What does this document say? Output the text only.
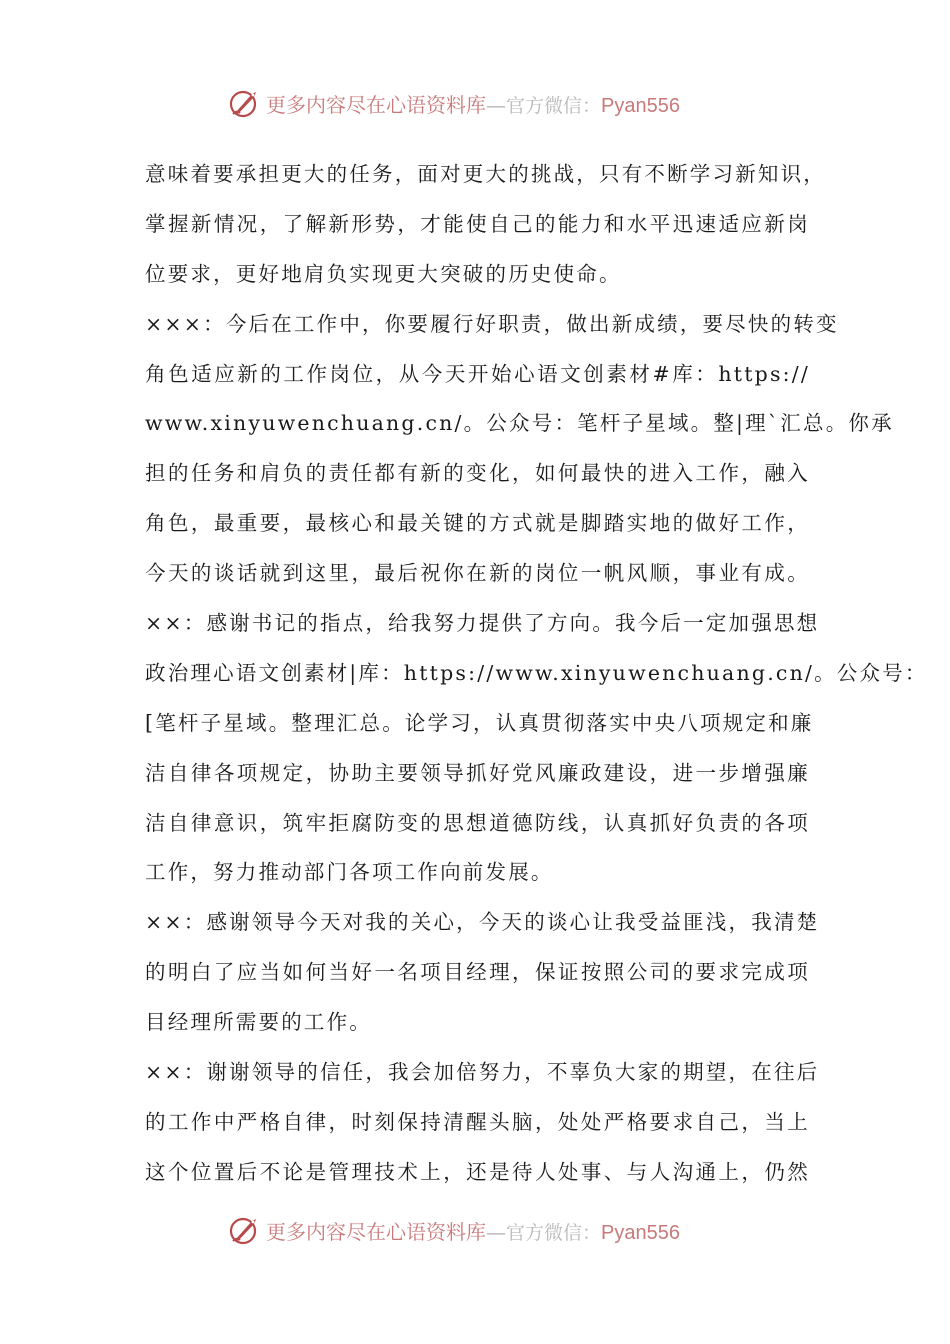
更多内容尽在心语资料库—官方微信：Pyan556
意味着要承担更大的任务，面对更大的挑战，只有不断学习新知识，
掌握新情况，了解新形势，才能使自己的能力和水平迅速适应新岗
位要求，更好地肩负实现更大突破的历史使命。
×××：今后在工作中，你要履行好职责，做出新成绩，要尽快的转变
角色适应新的工作岗位，从今天开始心语文创素材#库：https://
www.xinyuwenchuang.cn/。公众号：笔杆子星域。整|理`汇总。你承
担的任务和肩负的责任都有新的变化，如何最快的进入工作，融入
角色，最重要，最核心和最关键的方式就是脚踏实地的做好工作，
今天的谈话就到这里，最后祝你在新的岗位一帆风顺，事业有成。
××：感谢书记的指点，给我努力提供了方向。我今后一定加强思想
政治理心语文创素材|库：https://www.xinyuwenchuang.cn/。公众号：
[笔杆子星域。整理汇总。论学习，认真贯彻落实中央八项规定和廉
洁自律各项规定，协助主要领导抓好党风廉政建设，进一步增强廉
洁自律意识，筑牢拒腐防变的思想道德防线，认真抓好负责的各项
工作，努力推动部门各项工作向前发展。
××：感谢领导今天对我的关心，今天的谈心让我受益匪浅，我清楚
的明白了应当如何当好一名项目经理，保证按照公司的要求完成项
目经理所需要的工作。
××：谢谢领导的信任，我会加倍努力，不辜负大家的期望，在往后
的工作中严格自律，时刻保持清醒头脑，处处严格要求自己，当上
这个位置后不论是管理技术上，还是待人处事、与人沟通上，仍然
更多内容尽在心语资料库—官方微信：Pyan556
